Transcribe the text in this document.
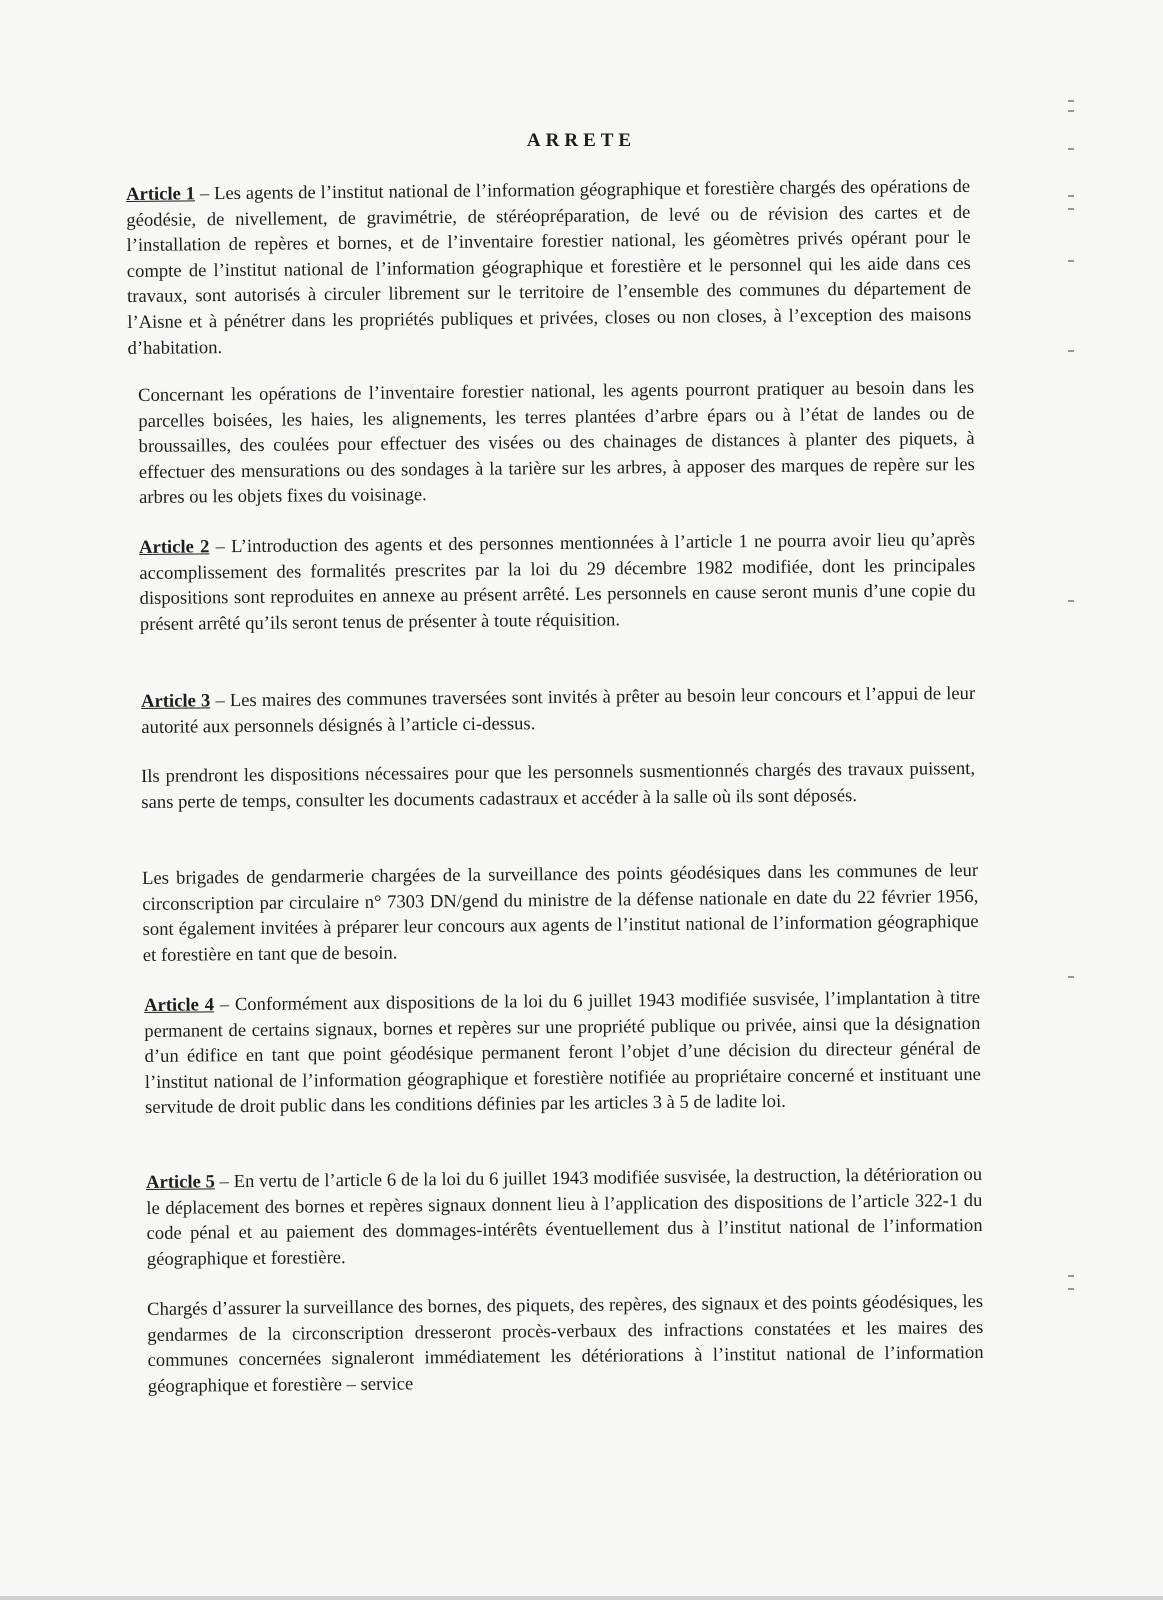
ARRETE

Article 1 – Les agents de l’institut national de l’information géographique et forestière chargés des opérations de géodésie, de nivellement, de gravimétrie, de stéréopréparation, de levé ou de révision des cartes et de l’installation de repères et bornes, et de l’inventaire forestier national, les géomètres privés opérant pour le compte de l’institut national de l’information géographique et forestière et le personnel qui les aide dans ces travaux, sont autorisés à circuler librement sur le territoire de l’ensemble des communes du département de l’Aisne et à pénétrer dans les propriétés publiques et privées, closes ou non closes, à l’exception des maisons d’habitation.

Concernant les opérations de l’inventaire forestier national, les agents pourront pratiquer au besoin dans les parcelles boisées, les haies, les alignements, les terres plantées d’arbre épars ou à l’état de landes ou de broussailles, des coulées pour effectuer des visées ou des chainages de distances à planter des piquets, à effectuer des mensurations ou des sondages à la tarière sur les arbres, à apposer des marques de repère sur les arbres ou les objets fixes du voisinage.

Article 2 – L’introduction des agents et des personnes mentionnées à l’article 1 ne pourra avoir lieu qu’après accomplissement des formalités prescrites par la loi du 29 décembre 1982 modifiée, dont les principales dispositions sont reproduites en annexe au présent arrêté. Les personnels en cause seront munis d’une copie du présent arrêté qu’ils seront tenus de présenter à toute réquisition.

Article 3 – Les maires des communes traversées sont invités à prêter au besoin leur concours et l’appui de leur autorité aux personnels désignés à l’article ci-dessus.

Ils prendront les dispositions nécessaires pour que les personnels susmentionnés chargés des travaux puissent, sans perte de temps, consulter les documents cadastraux et accéder à la salle où ils sont déposés.

Les brigades de gendarmerie chargées de la surveillance des points géodésiques dans les communes de leur circonscription par circulaire n° 7303 DN/gend du ministre de la défense nationale en date du 22 février 1956, sont également invitées à préparer leur concours aux agents de l’institut national de l’information géographique et forestière en tant que de besoin.

Article 4 – Conformément aux dispositions de la loi du 6 juillet 1943 modifiée susvisée, l’implantation à titre permanent de certains signaux, bornes et repères sur une propriété publique ou privée, ainsi que la désignation d’un édifice en tant que point géodésique permanent feront l’objet d’une décision du directeur général de l’institut national de l’information géographique et forestière notifiée au propriétaire concerné et instituant une servitude de droit public dans les conditions définies par les articles 3 à 5 de ladite loi.

Article 5 – En vertu de l’article 6 de la loi du 6 juillet 1943 modifiée susvisée, la destruction, la détérioration ou le déplacement des bornes et repères signaux donnent lieu à l’application des dispositions de l’article 322-1 du code pénal et au paiement des dommages-intérêts éventuellement dus à l’institut national de l’information géographique et forestière.

Chargés d’assurer la surveillance des bornes, des piquets, des repères, des signaux et des points géodésiques, les gendarmes de la circonscription dresseront procès-verbaux des infractions constatées et les maires des communes concernées signaleront immédiatement les détériorations à l’institut national de l’information géographique et forestière – service
